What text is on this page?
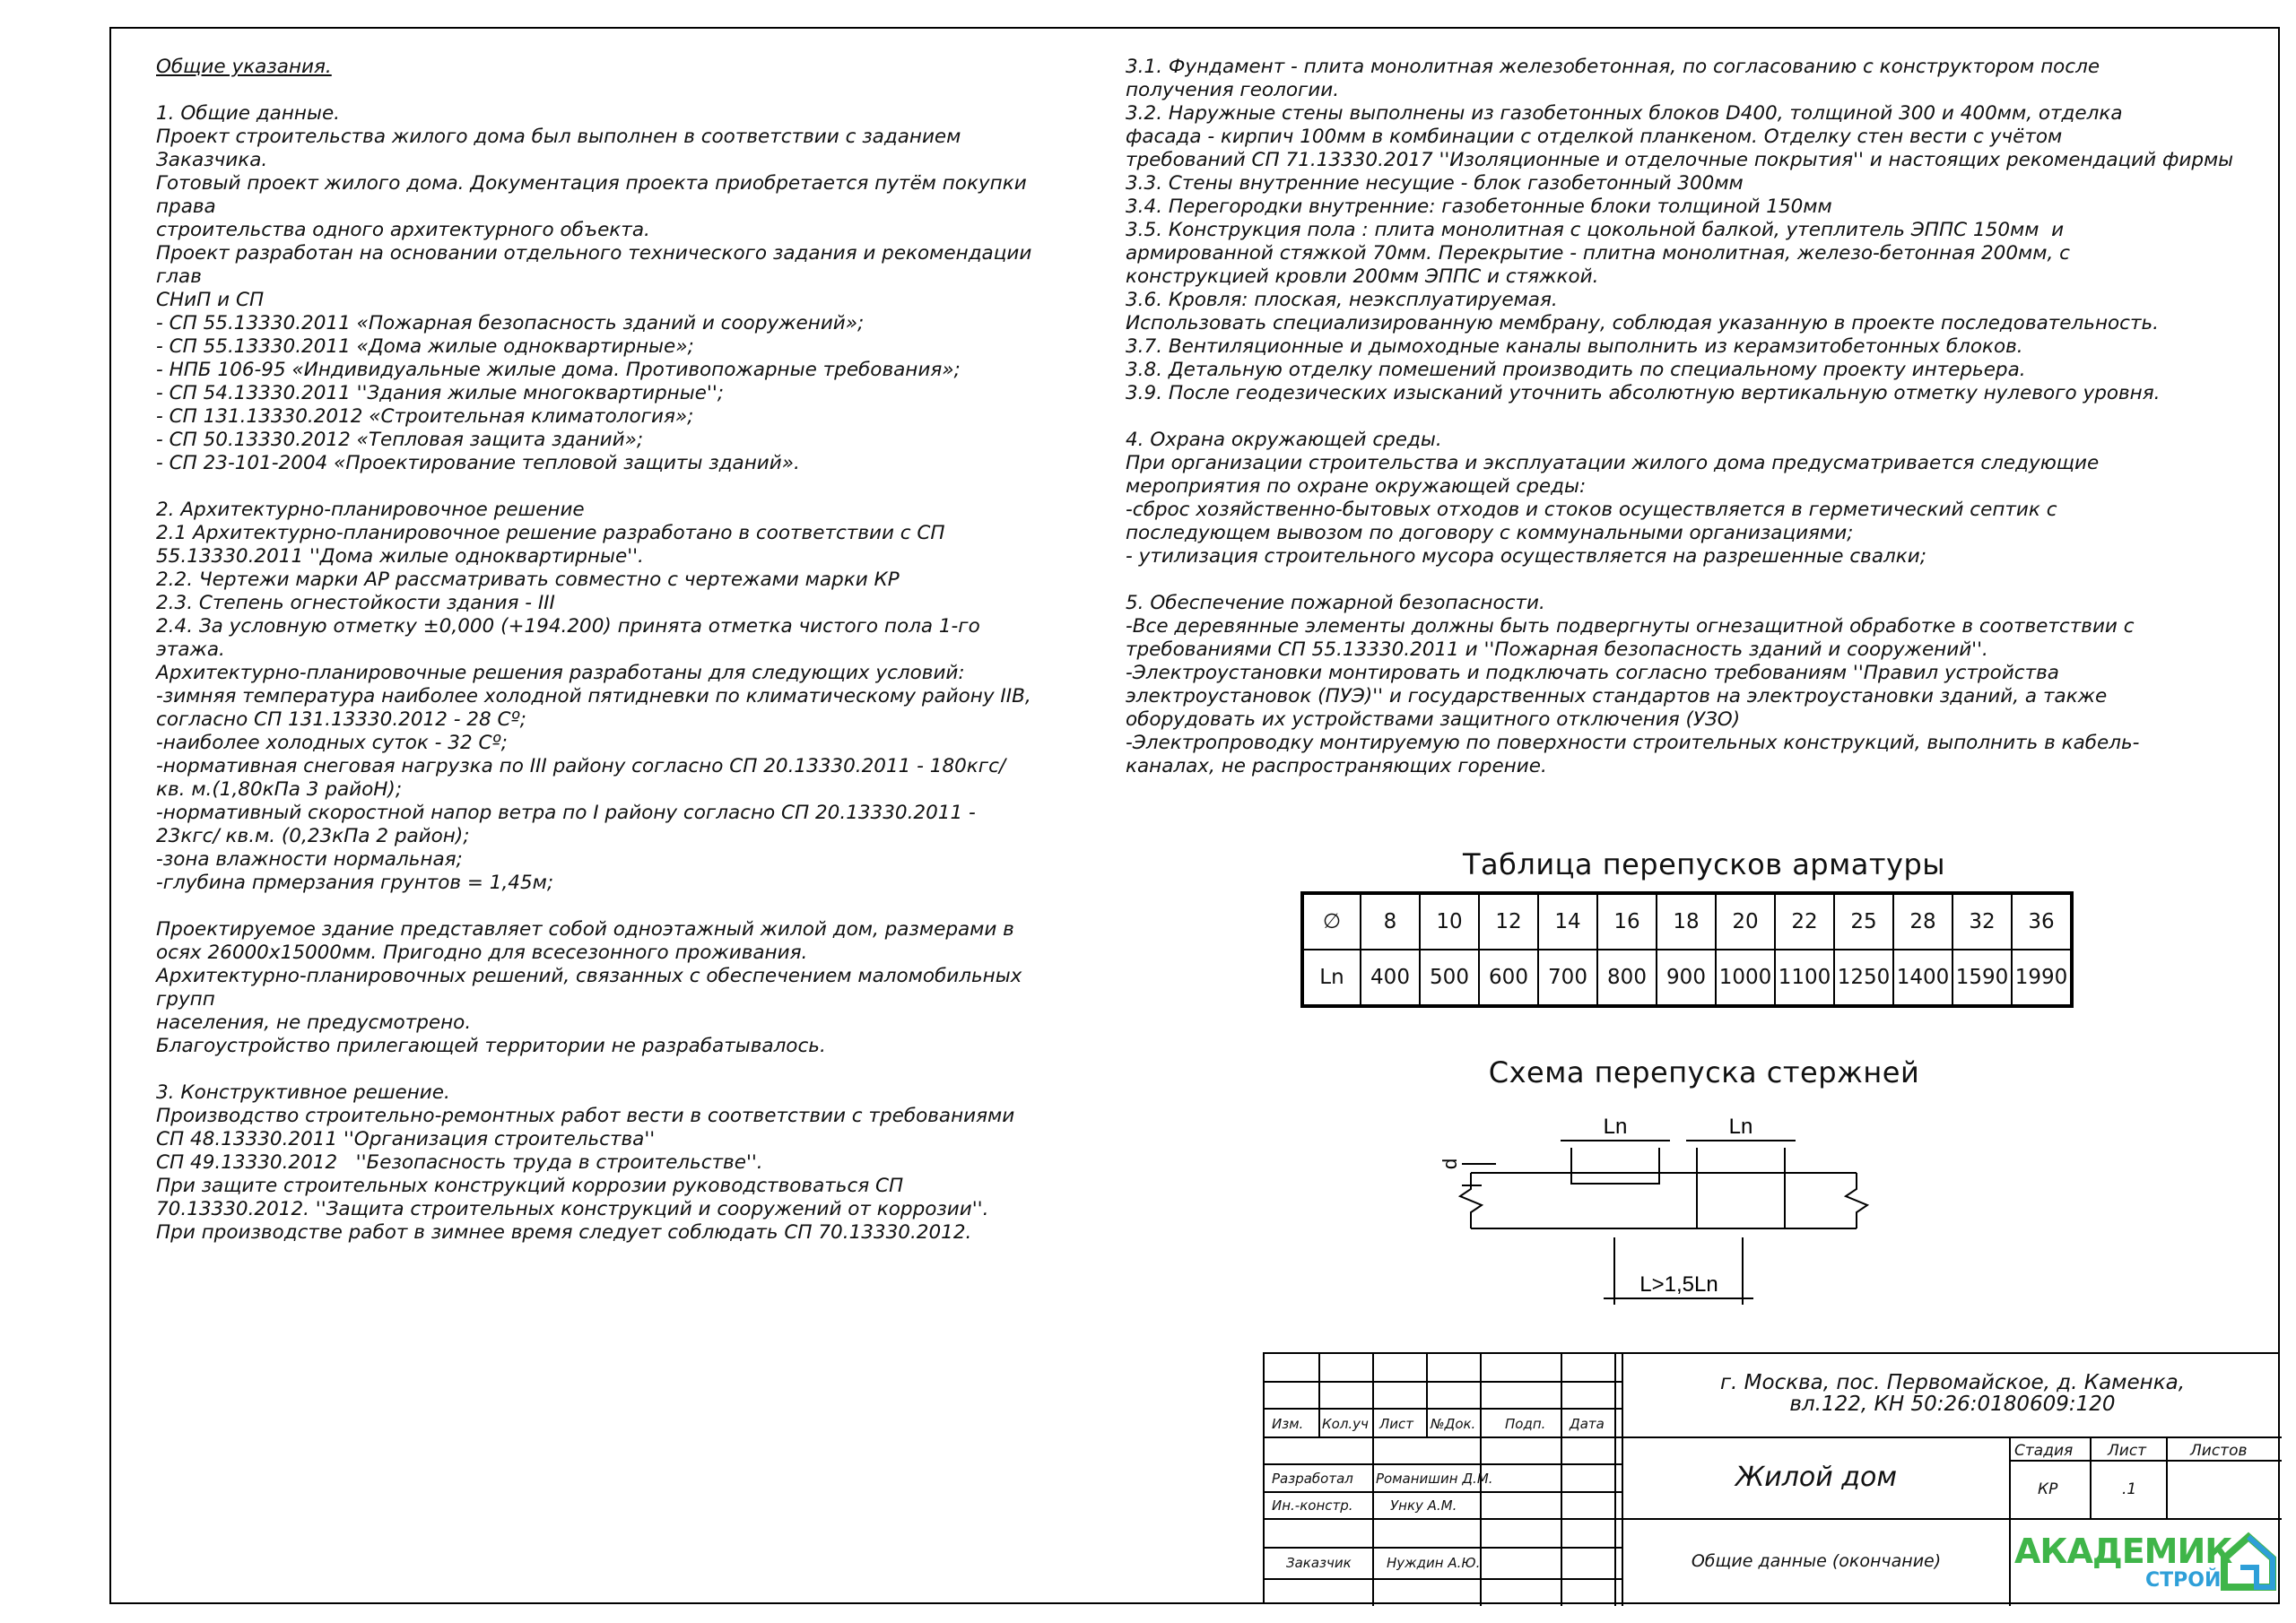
Общие указания.
1. Общие данные.
Проект строительства жилого дома был выполнен в соответствии с заданием
Заказчика.
Готовый проект жилого дома. Документация проекта приобретается путём покупки
права
строительства одного архитектурного объекта.
Проект разработан на основании отдельного технического задания и рекомендации
глав
СНиП и СП
- СП 55.13330.2011 «Пожарная безопасность зданий и сооружений»;
- СП 55.13330.2011 «Дома жилые одноквартирные»;
- НПБ 106-95 «Индивидуальные жилые дома. Противопожарные требования»;
- СП 54.13330.2011 ''Здания жилые многоквартирные'';
- СП 131.13330.2012 «Строительная климатология»;
- СП 50.13330.2012 «Тепловая защита зданий»;
- СП 23-101-2004 «Проектирование тепловой защиты зданий».
2. Архитектурно-планировочное решение
2.1 Архитектурно-планировочное решение разработано в соответствии с СП
55.13330.2011 ''Дома жилые одноквартирные''.
2.2. Чертежи марки АР рассматривать совместно с чертежами марки КР
2.3. Степень огнестойкости здания - III
2.4. За условную отметку ±0,000 (+194.200) принята отметка чистого пола 1-го
этажа.
Архитектурно-планировочные решения разработаны для следующих условий:
-зимняя температура наиболее холодной пятидневки по климатическому району IIВ,
согласно СП 131.13330.2012 - 28 Cº;
-наиболее холодных суток - 32 Cº;
-нормативная снеговая нагрузка по III району согласно СП 20.13330.2011 - 180кгс/
кв. м.(1,80кПа 3 райоН);
-нормативный скоростной напор ветра по I району согласно СП 20.13330.2011 -
23кгс/ кв.м. (0,23кПа 2 район);
-зона влажности нормальная;
-глубина прмерзания грунтов = 1,45м;
Проектируемое здание представляет собой одноэтажный жилой дом, размерами в
осях 26000х15000мм. Пригодно для всесезонного проживания.
Архитектурно-планировочных решений, связанных с обеспечением маломобильных
групп
населения, не предусмотрено.
Благоустройство прилегающей территории не разрабатывалось.
3. Конструктивное решение.
Производство строительно-ремонтных работ вести в соответствии с требованиями
СП 48.13330.2011 ''Организация строительства''
СП 49.13330.2012   ''Безопасность труда в строительстве''.
При защите строительных конструкций коррозии руководствоваться СП
70.13330.2012. ''Защита строительных конструкций и сооружений от коррозии''.
При производстве работ в зимнее время следует соблюдать СП 70.13330.2012.
3.1. Фундамент - плита монолитная железобетонная, по согласованию с конструктором после
получения геологии.
3.2. Наружные стены выполнены из газобетонных блоков D400, толщиной 300 и 400мм, отделка
фасада - кирпич 100мм в комбинации с отделкой планкеном. Отделку стен вести с учётом
требований СП 71.13330.2017 ''Изоляционные и отделочные покрытия'' и настоящих рекомендаций фирмы
3.3. Стены внутренние несущие - блок газобетонный 300мм
3.4. Перегородки внутренние: газобетонные блоки толщиной 150мм
3.5. Конструкция пола : плита монолитная с цокольной балкой, утеплитель ЭППС 150мм  и
армированной стяжкой 70мм. Перекрытие - плитна монолитная, железо-бетонная 200мм, с
конструкцией кровли 200мм ЭППС и стяжкой.
3.6. Кровля: плоская, неэксплуатируемая.
Использовать специализированную мембрану, соблюдая указанную в проекте последовательность.
3.7. Вентиляционные и дымоходные каналы выполнить из керамзитобетонных блоков.
3.8. Детальную отделку помешений производить по специальному проекту интерьера.
3.9. После геодезических изысканий уточнить абсолютную вертикальную отметку нулевого уровня.
4. Охрана окружающей среды.
При организации строительства и эксплуатации жилого дома предусматривается следующие
мероприятия по охране окружающей среды:
-сброс хозяйственно-бытовых отходов и стоков осуществляется в герметический септик с
последующем вывозом по договору с коммунальными организациями;
- утилизация строительного мусора осуществляется на разрешенные свалки;
5. Обеспечение пожарной безопасности.
-Все деревянные элементы должны быть подвергнуты огнезащитной обработке в соответствии с
требованиями СП 55.13330.2011 и ''Пожарная безопасность зданий и сооружений''.
-Электроустановки монтировать и подключать согласно требованиям ''Правил устройства
электроустановок (ПУЭ)'' и государственных стандартов на электроустановки зданий, а также
оборудовать их устройствами защитного отключения (УЗО)
-Электропроводку монтируемую по поверхности строительных конструкций, выполнить в кабель-
каналах, не распространяющих горение.
Таблица перепусков арматуры
∅	8	10	12	14	16	18	20	22	25	28	32	36
Ln	400	500	600	700	800	900	1000	1100	1250	1400	1590	1990
Схема перепуска стержней
Ln	Ln
d
L>1,5Ln
Изм. Кол.уч Лист №Док. Подп. Дата
Разработал Романишин Д.М.
Ин.-констр.	Унку А.М.
Заказчик	Нуждин А.Ю.
г. Москва, пос. Первомайское, д. Каменка,
вл.122, КН 50:26:0180609:120
Жилой дом
Стадия Лист	Листов
КР	.1
Общие данные (окончание)	АКАДЕМИК
СТРОЙ
